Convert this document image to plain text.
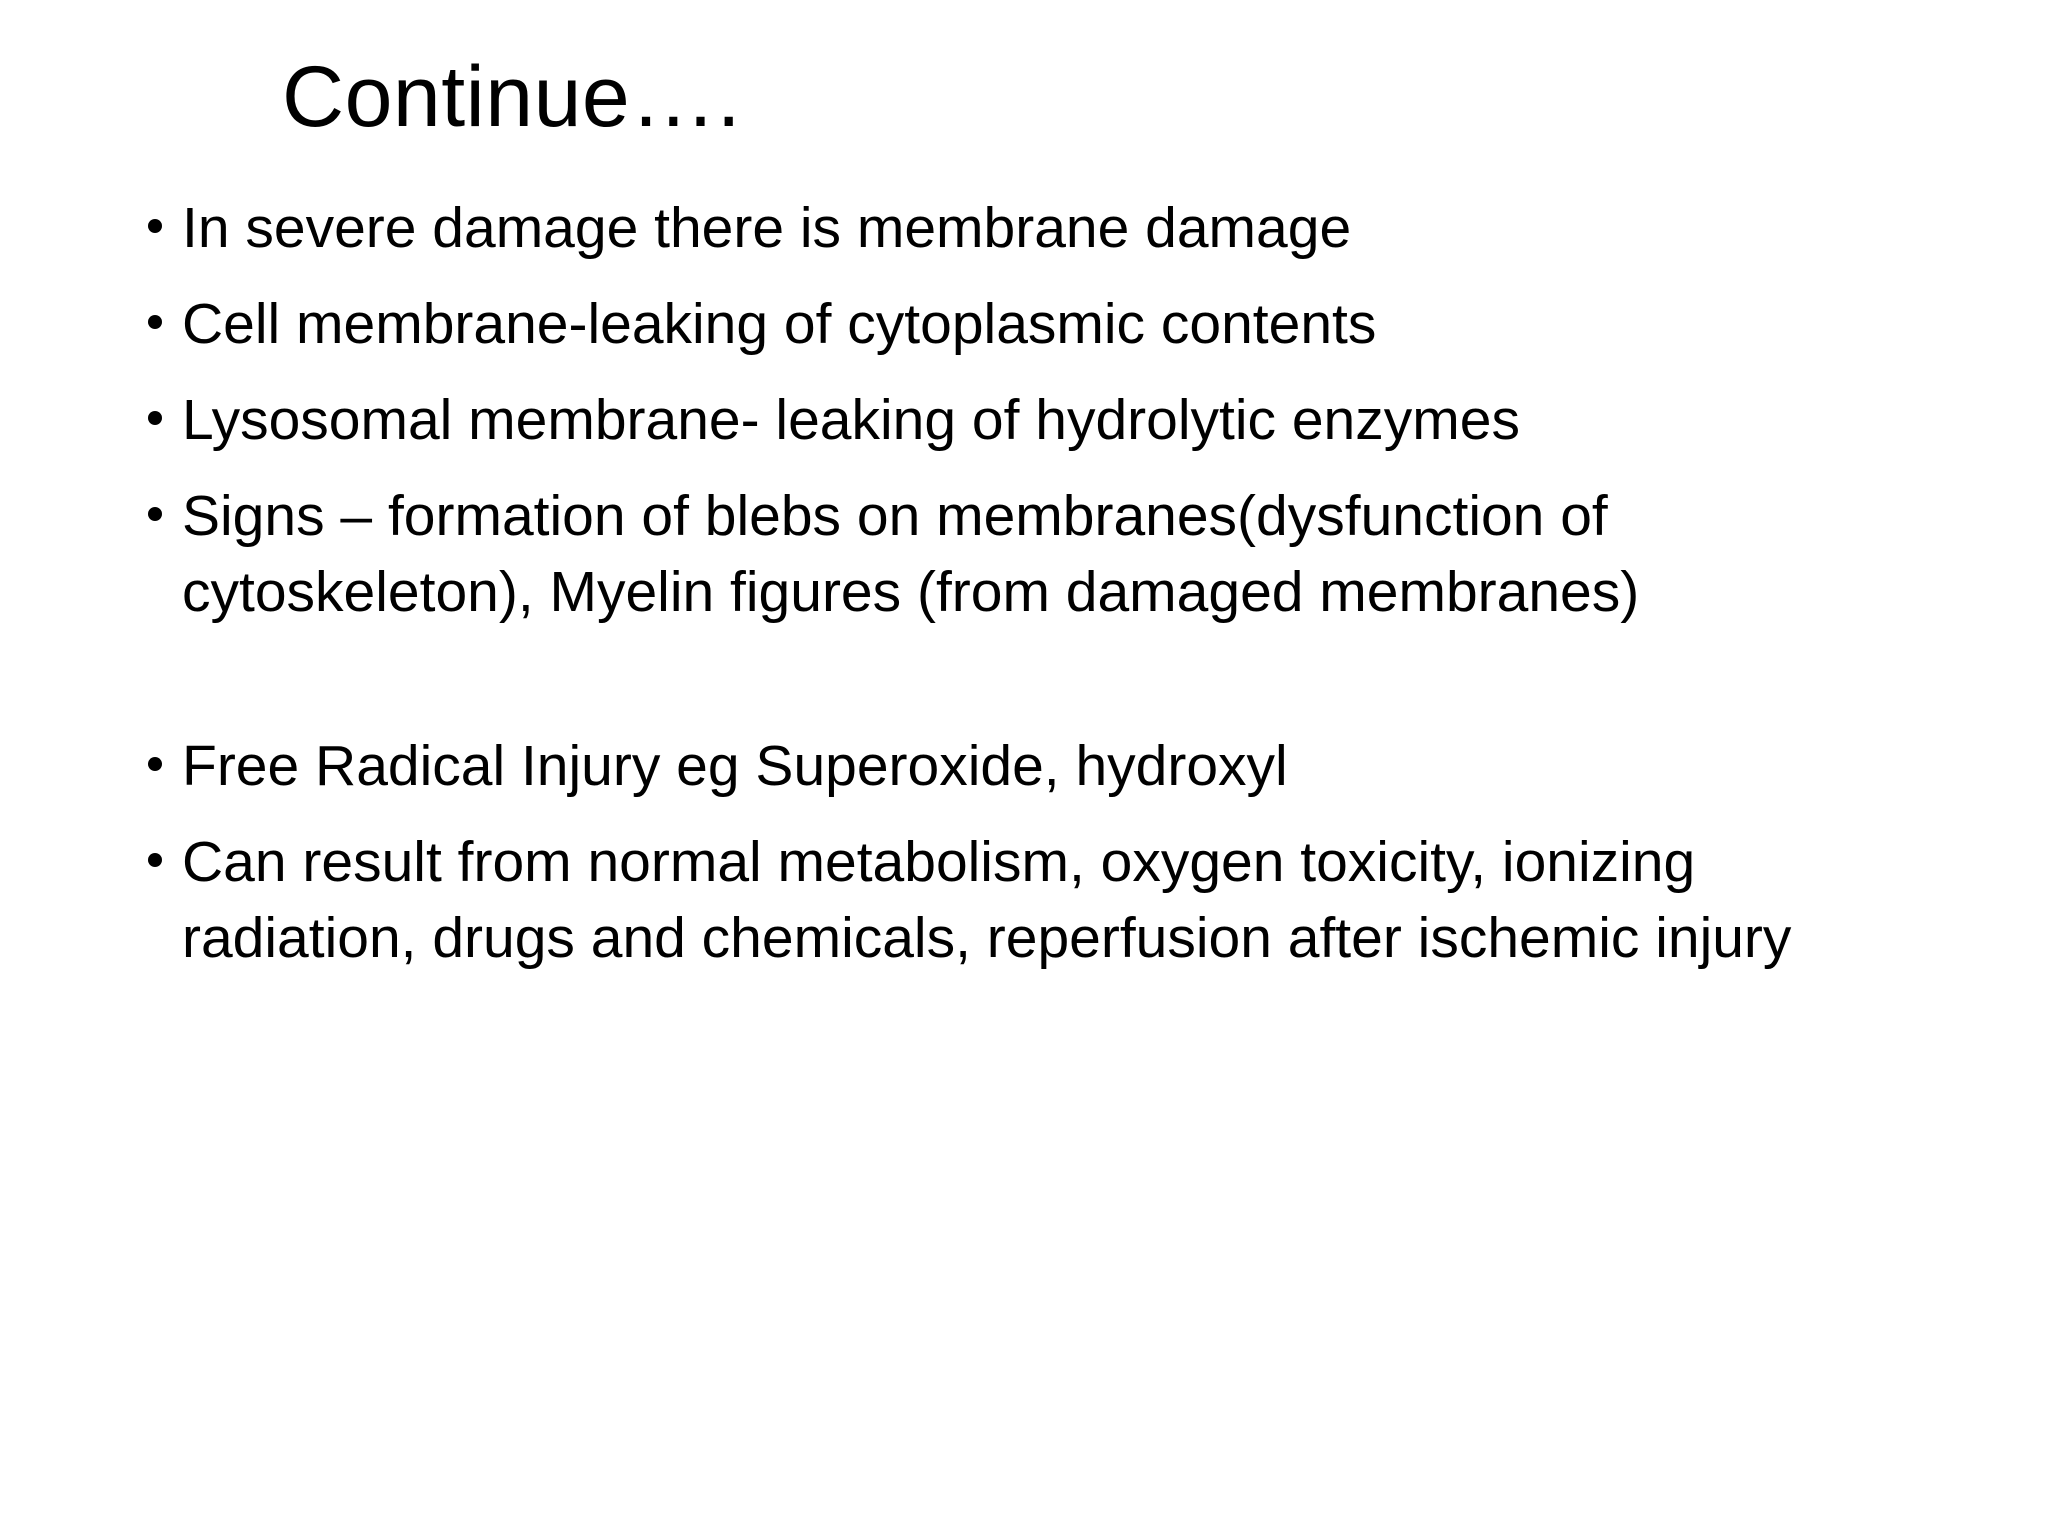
Continue….
In severe damage there is membrane damage
Cell membrane-leaking of cytoplasmic contents
Lysosomal membrane- leaking of hydrolytic enzymes
Signs – formation of blebs on membranes(dysfunction of cytoskeleton), Myelin figures (from damaged membranes)
Free Radical Injury eg Superoxide, hydroxyl
Can result from normal metabolism, oxygen toxicity, ionizing radiation, drugs and chemicals, reperfusion after ischemic injury
